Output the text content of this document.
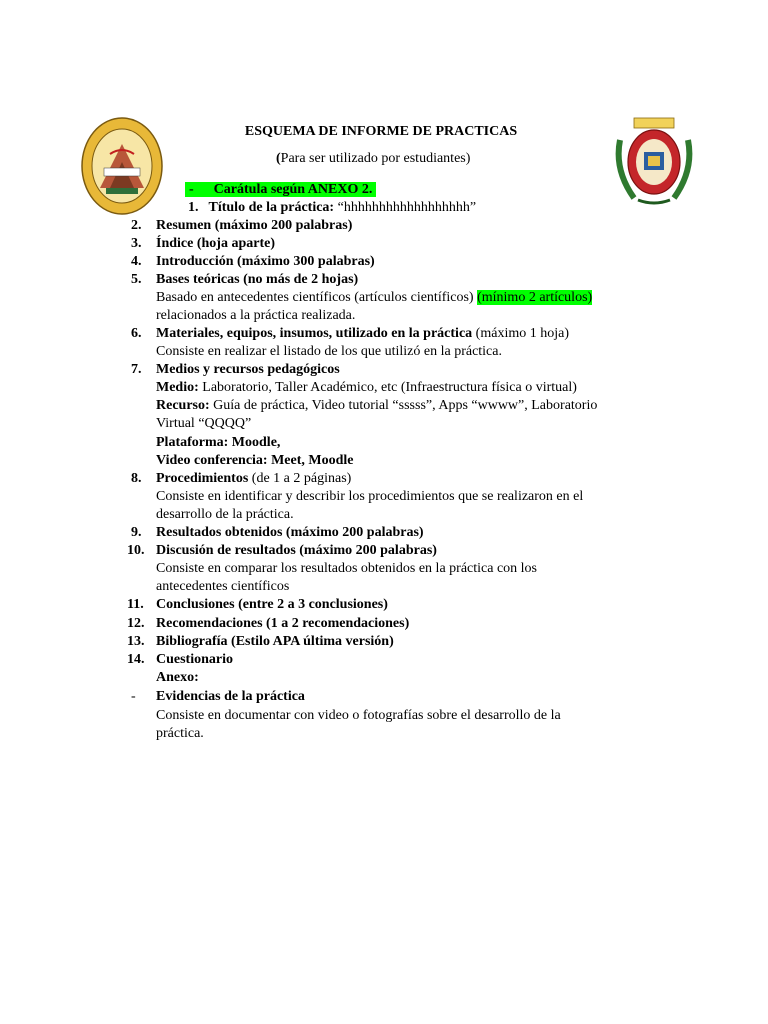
ESQUEMA DE INFORME DE PRACTICAS
(Para ser utilizado por estudiantes)
- Carátula según ANEXO 2.
1. Título de la práctica: “hhhhhhhhhhhhhhhhhh”
2. Resumen (máximo 200 palabras)
3. Índice (hoja aparte)
4. Introducción (máximo 300 palabras)
5. Bases teóricas (no más de 2 hojas)
Basado en antecedentes científicos (artículos científicos) (mínimo 2 artículos)
relacionados a la práctica realizada.
6. Materiales, equipos, insumos, utilizado en la práctica (máximo 1 hoja)
Consiste en realizar el listado de los que utilizó en la práctica.
7. Medios y recursos pedagógicos
Medio: Laboratorio, Taller Académico, etc (Infraestructura física o virtual)
Recurso: Guía de práctica, Video tutorial “sssss”, Apps “wwww”, Laboratorio
Virtual “QQQQ”
Plataforma: Moodle,
Video conferencia: Meet, Moodle
8. Procedimientos (de 1 a 2 páginas)
Consiste en identificar y describir los procedimientos que se realizaron en el
desarrollo de la práctica.
9. Resultados obtenidos (máximo 200 palabras)
10. Discusión de resultados (máximo 200 palabras)
Consiste en comparar los resultados obtenidos en la práctica con los
antecedentes científicos
11. Conclusiones (entre 2 a 3 conclusiones)
12. Recomendaciones (1 a 2 recomendaciones)
13. Bibliografía (Estilo APA última versión)
14. Cuestionario
Anexo:
- Evidencias de la práctica
Consiste en documentar con video o fotografías sobre el desarrollo de la
práctica.
